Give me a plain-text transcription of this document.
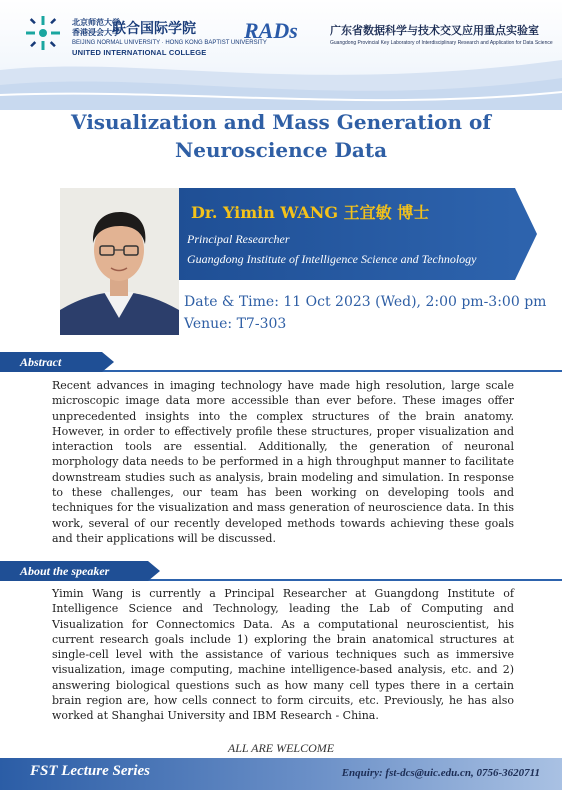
北京师范大学 香港浸会大学
联合国际学院
BEIJING NORMAL UNIVERSITY · HONG KONG BAPTIST UNIVERSITY
UNITED INTERNATIONAL COLLEGE
RADs	广东省数据科学与技术交叉应用重点实验室
Guangdong Provincial Key Laboratory of Interdisciplinary Research and Application for Data Science
Visualization and Mass Generation of
Neuroscience Data
Dr. Yimin WANG 王宜敏 博士
Principal Researcher
Guangdong Institute of Intelligence Science and Technology
Date & Time: 11 Oct 2023 (Wed), 2:00 pm-3:00 pm
Venue: T7-303
Abstract
Recent advances in imaging technology have made high resolution, large scale microscopic image data more accessible than ever before. These images offer unprecedented insights into the complex structures of the brain anatomy. However, in order to effectively profile these structures, proper visualization and interaction tools are essential. Additionally, the generation of neuronal morphology data needs to be performed in a high throughput manner to facilitate downstream studies such as analysis, brain modeling and simulation. In response to these challenges, our team has been working on developing tools and techniques for the visualization and mass generation of neuroscience data. In this work, several of our recently developed methods towards achieving these goals and their applications will be discussed.
About the speaker
Yimin Wang is currently a Principal Researcher at Guangdong Institute of Intelligence Science and Technology, leading the Lab of Computing and Visualization for Connectomics Data. As a computational neuroscientist, his current research goals include 1) exploring the brain anatomical structures at single-cell level with the assistance of various techniques such as immersive visualization, image computing, machine intelligence-based analysis, etc. and 2) answering biological questions such as how many cell types there in a certain brain region are, how cells connect to form circuits, etc. Previously, he has also worked at Shanghai University and IBM Research - China.
ALL ARE WELCOME
FST Lecture Series	Enquiry: fst-dcs@uic.edu.cn, 0756-3620711
